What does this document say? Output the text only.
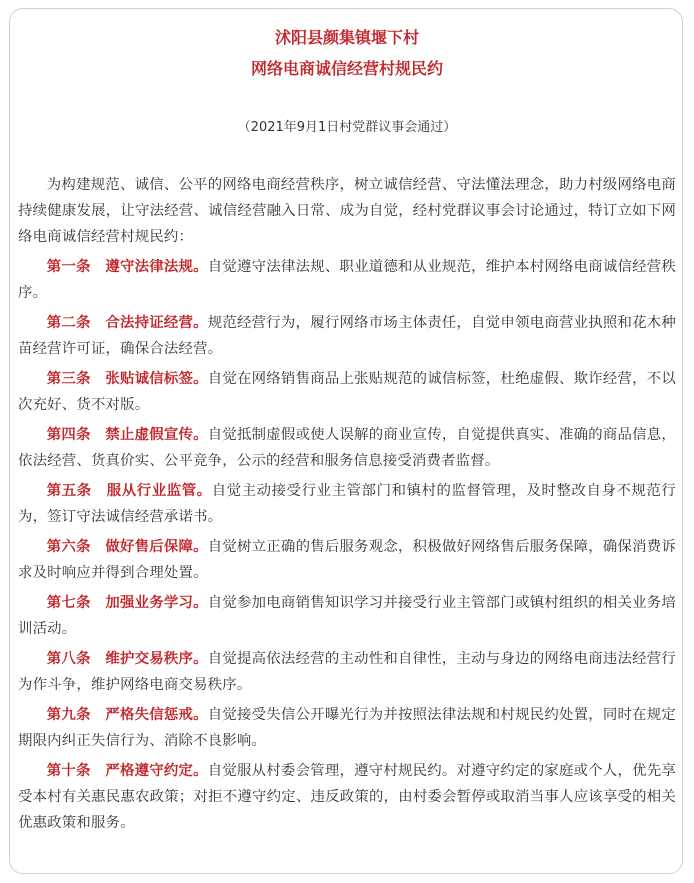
沭阳县颜集镇堰下村
网络电商诚信经营村规民约
（2021年9月1日村党群议事会通过）

为构建规范、诚信、公平的网络电商经营秩序，树立诚信经营、守法懂法理念，助力村级网络电商持续健康发展，让守法经营、诚信经营融入日常、成为自觉，经村党群议事会讨论通过，特订立如下网络电商诚信经营村规民约：

第一条　遵守法律法规。自觉遵守法律法规、职业道德和从业规范，维护本村网络电商诚信经营秩序。

第二条　合法持证经营。规范经营行为，履行网络市场主体责任，自觉申领电商营业执照和花木种苗经营许可证，确保合法经营。

第三条　张贴诚信标签。自觉在网络销售商品上张贴规范的诚信标签，杜绝虚假、欺诈经营，不以次充好、货不对版。

第四条　禁止虚假宣传。自觉抵制虚假或使人误解的商业宣传，自觉提供真实、准确的商品信息，依法经营、货真价实、公平竞争，公示的经营和服务信息接受消费者监督。

第五条　服从行业监管。自觉主动接受行业主管部门和镇村的监督管理，及时整改自身不规范行为，签订守法诚信经营承诺书。

第六条　做好售后保障。自觉树立正确的售后服务观念，积极做好网络售后服务保障，确保消费诉求及时响应并得到合理处置。

第七条　加强业务学习。自觉参加电商销售知识学习并接受行业主管部门或镇村组织的相关业务培训活动。

第八条　维护交易秩序。自觉提高依法经营的主动性和自律性，主动与身边的网络电商违法经营行为作斗争，维护网络电商交易秩序。

第九条　严格失信惩戒。自觉接受失信公开曝光行为并按照法律法规和村规民约处置，同时在规定期限内纠正失信行为、消除不良影响。

第十条　严格遵守约定。自觉服从村委会管理，遵守村规民约。对遵守约定的家庭或个人，优先享受本村有关惠民惠农政策；对拒不遵守约定、违反政策的，由村委会暂停或取消当事人应该享受的相关优惠政策和服务。
